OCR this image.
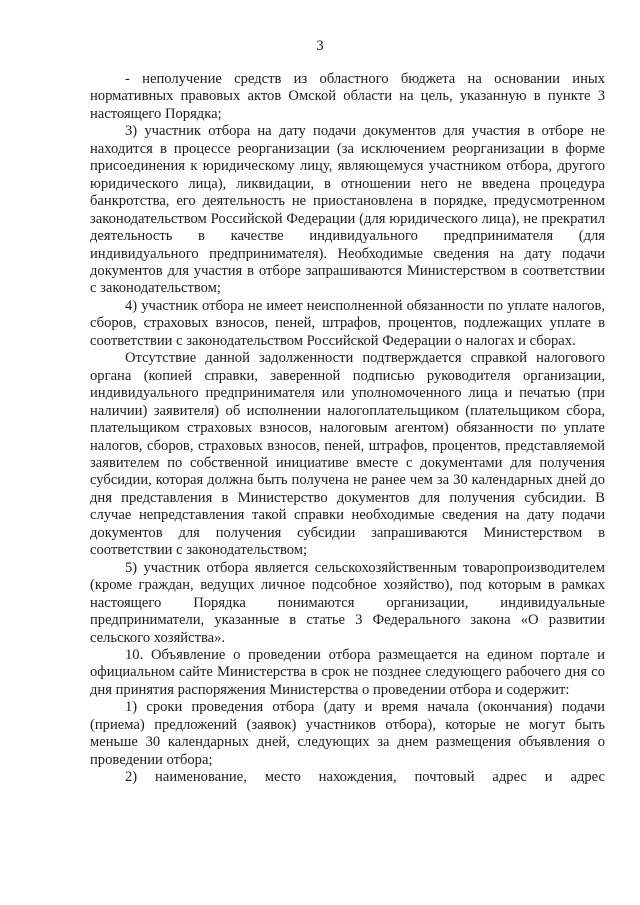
3

- неполучение средств из областного бюджета на основании иных нормативных правовых актов Омской области на цель, указанную в пункте 3 настоящего Порядка;

3) участник отбора на дату подачи документов для участия в отборе не находится в процессе реорганизации (за исключением реорганизации в форме присоединения к юридическому лицу, являющемуся участником отбора, другого юридического лица), ликвидации, в отношении него не введена процедура банкротства, его деятельность не приостановлена в порядке, предусмотренном законодательством Российской Федерации (для юридического лица), не прекратил деятельность в качестве индивидуального предпринимателя (для индивидуального предпринимателя). Необходимые сведения на дату подачи документов для участия в отборе запрашиваются Министерством в соответствии с законодательством;

4) участник отбора не имеет неисполненной обязанности по уплате налогов, сборов, страховых взносов, пеней, штрафов, процентов, подлежащих уплате в соответствии с законодательством Российской Федерации о налогах и сборах.

Отсутствие данной задолженности подтверждается справкой налогового органа (копией справки, заверенной подписью руководителя организации, индивидуального предпринимателя или уполномоченного лица и печатью (при наличии) заявителя) об исполнении налогоплательщиком (плательщиком сбора, плательщиком страховых взносов, налоговым агентом) обязанности по уплате налогов, сборов, страховых взносов, пеней, штрафов, процентов, представляемой заявителем по собственной инициативе вместе с документами для получения субсидии, которая должна быть получена не ранее чем за 30 календарных дней до дня представления в Министерство документов для получения субсидии. В случае непредставления такой справки необходимые сведения на дату подачи документов для получения субсидии запрашиваются Министерством в соответствии с законодательством;

5) участник отбора является сельскохозяйственным товаропроизводителем (кроме граждан, ведущих личное подсобное хозяйство), под которым в рамках настоящего Порядка понимаются организации, индивидуальные предприниматели, указанные в статье 3 Федерального закона «О развитии сельского хозяйства».

10. Объявление о проведении отбора размещается на едином портале и официальном сайте Министерства в срок не позднее следующего рабочего дня со дня принятия распоряжения Министерства о проведении отбора и содержит:

1) сроки проведения отбора (дату и время начала (окончания) подачи (приема) предложений (заявок) участников отбора), которые не могут быть меньше 30 календарных дней, следующих за днем размещения объявления о проведении отбора;

2) наименование, место нахождения, почтовый адрес и адрес
